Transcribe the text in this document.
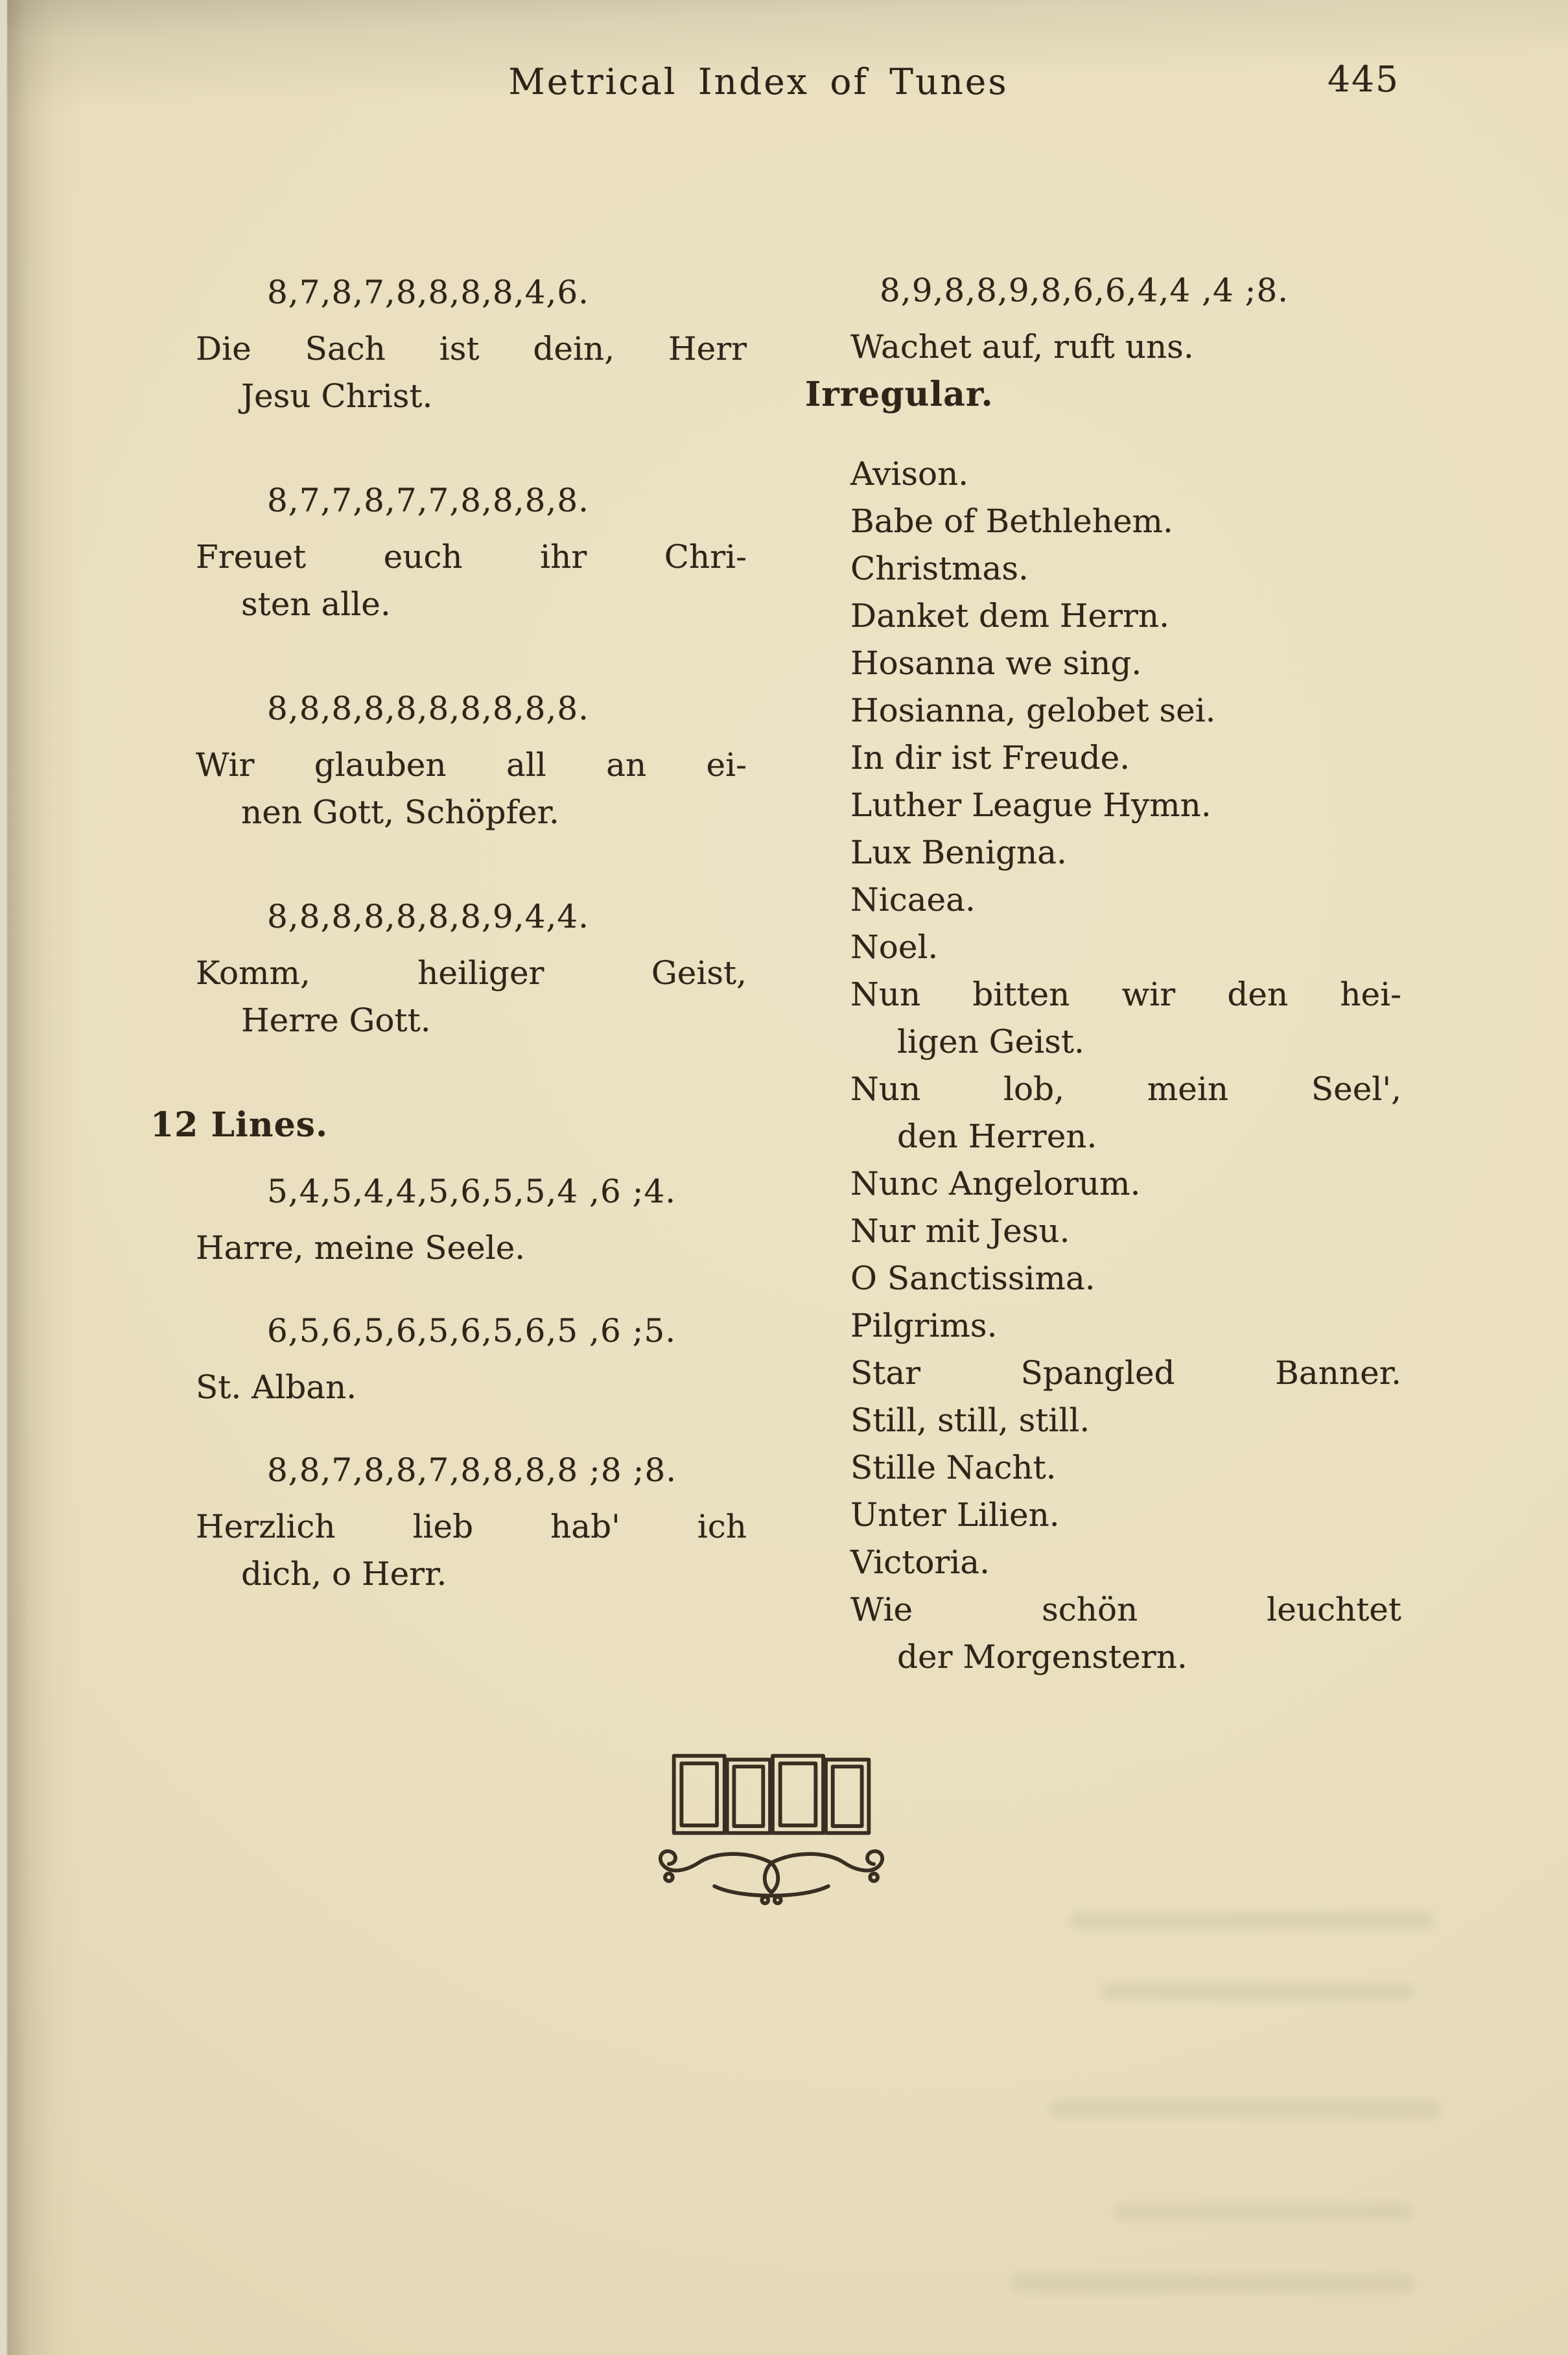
Metrical Index of Tunes	445
8,7,8,7,8,8,8,8,4,6.
Die Sach ist dein, Herr
Jesu Christ.
8,7,7,8,7,7,8,8,8,8.
Freuet euch ihr Chri-
sten alle.
8,8,8,8,8,8,8,8,8,8.
Wir glauben all an ei-
nen Gott, Schöpfer.
8,8,8,8,8,8,8,9,4,4.
Komm, heiliger Geist,
Herre Gott.
12 Lines.
5,4,5,4,4,5,6,5,5,4 ,6 ;4.
Harre, meine Seele.
6,5,6,5,6,5,6,5,6,5 ,6 ;5.
St. Alban.
8,8,7,8,8,7,8,8,8,8 ;8 ;8.
Herzlich lieb hab' ich
dich, o Herr.
8,9,8,8,9,8,6,6,4,4 ,4 ;8.
Wachet auf, ruft uns.
Irregular.
Avison.
Babe of Bethlehem.
Christmas.
Danket dem Herrn.
Hosanna we sing.
Hosianna, gelobet sei.
In dir ist Freude.
Luther League Hymn.
Lux Benigna.
Nicaea.
Noel.
Nun bitten wir den hei-
ligen Geist.
Nun lob, mein Seel',
den Herren.
Nunc Angelorum.
Nur mit Jesu.
O Sanctissima.
Pilgrims.
Star Spangled Banner.
Still, still, still.
Stille Nacht.
Unter Lilien.
Victoria.
Wie schön leuchtet
der Morgenstern.
